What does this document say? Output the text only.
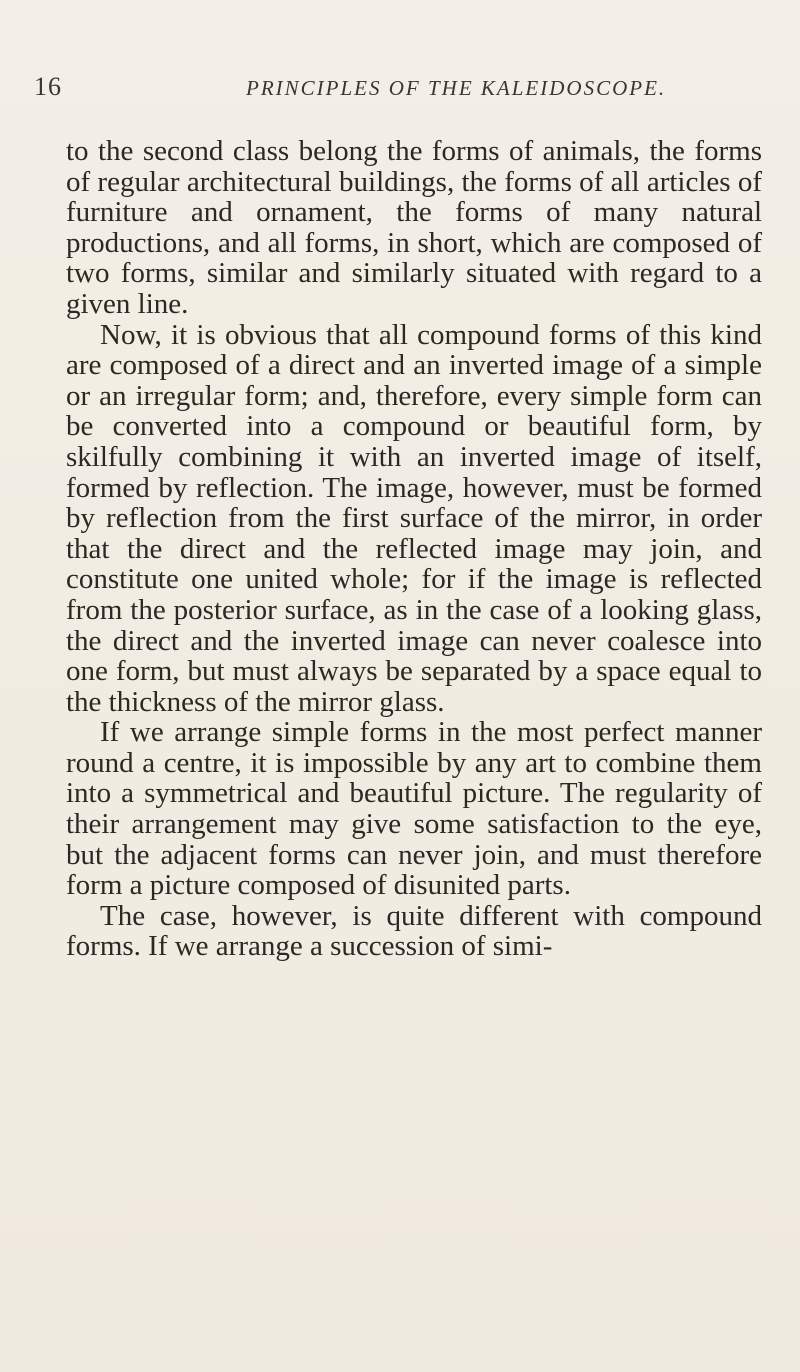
16	PRINCIPLES OF THE KALEIDOSCOPE.

to the second class belong the forms of animals, the forms of regular architectural buildings, the forms of all articles of furniture and ornament, the forms of many natural productions, and all forms, in short, which are composed of two forms, similar and similarly situated with regard to a given line.

Now, it is obvious that all compound forms of this kind are composed of a direct and an inverted image of a simple or an irregular form; and, therefore, every simple form can be converted into a compound or beautiful form, by skilfully combining it with an inverted image of itself, formed by reflection. The image, however, must be formed by reflection from the first surface of the mirror, in order that the direct and the reflected image may join, and constitute one united whole; for if the image is reflected from the posterior surface, as in the case of a looking glass, the direct and the inverted image can never coalesce into one form, but must always be separated by a space equal to the thickness of the mirror glass.

If we arrange simple forms in the most perfect manner round a centre, it is impossible by any art to combine them into a symmetrical and beautiful picture. The regularity of their arrangement may give some satisfaction to the eye, but the adjacent forms can never join, and must therefore form a picture composed of disunited parts.

The case, however, is quite different with compound forms. If we arrange a succession of simi-
